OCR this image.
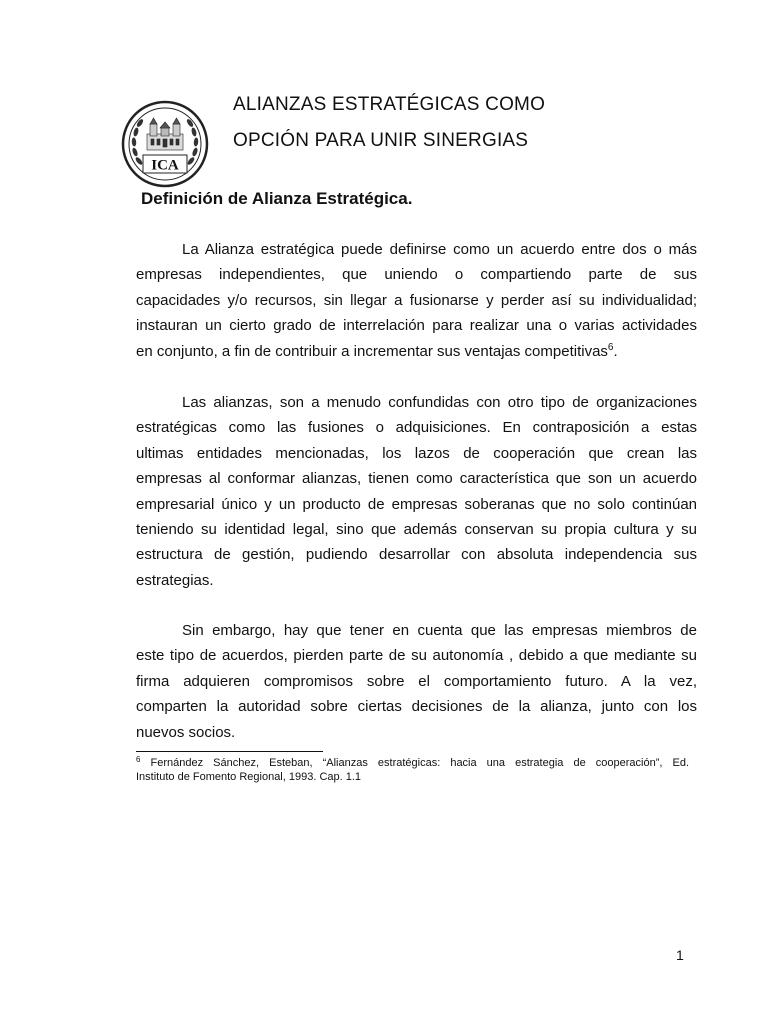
ICA
ALIANZAS ESTRATÉGICAS COMO
OPCIÓN PARA UNIR SINERGIAS
Definición de Alianza Estratégica.
La Alianza estratégica puede definirse como un acuerdo entre dos o más
empresas independientes, que uniendo o compartiendo parte de sus
capacidades y/o recursos, sin llegar a fusionarse y perder así su individualidad;
instauran un cierto grado de interrelación para realizar una o varias actividades
en conjunto, a fin de contribuir a incrementar sus ventajas competitivas$^6$.
Las alianzas, son a menudo confundidas con otro tipo de organizaciones
estratégicas como las fusiones o adquisiciones. En contraposición a estas
ultimas entidades mencionadas, los lazos de cooperación que crean las
empresas al conformar alianzas, tienen como característica que son un acuerdo
empresarial único y un producto de empresas soberanas que no solo continúan
teniendo su identidad legal, sino que además conservan su propia cultura y su
estructura de gestión, pudiendo desarrollar con absoluta independencia sus
estrategias.
Sin embargo, hay que tener en cuenta que las empresas miembros de
este tipo de acuerdos, pierden parte de su autonomía , debido a que mediante su
firma adquieren compromisos sobre el comportamiento futuro. A la vez,
comparten la autoridad sobre ciertas decisiones de la alianza, junto con los
nuevos socios.
$^6$ Fernández Sánchez, Esteban, “Alianzas estratégicas: hacia una estrategia de cooperación”, Ed.
Instituto de Fomento Regional, 1993. Cap. 1.1
1
